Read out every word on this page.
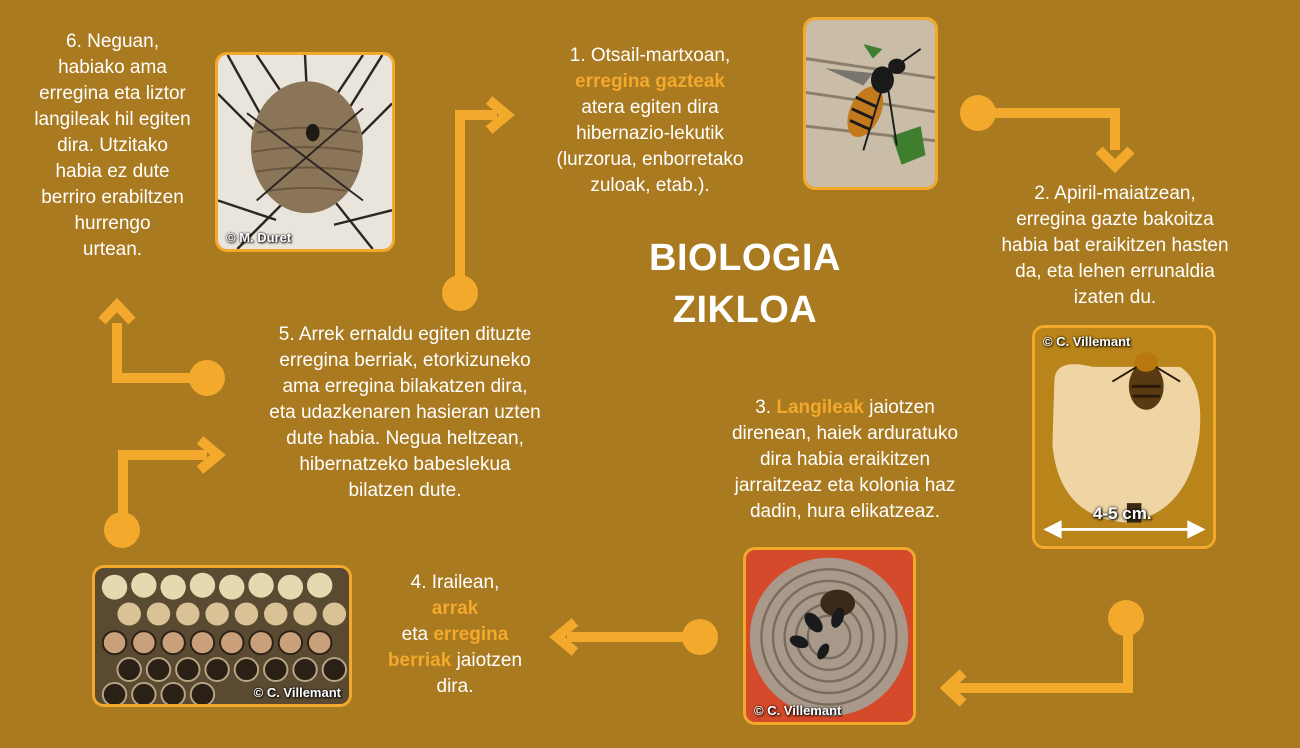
BIOLOGIA
ZIKLOA
1. Otsail-martxoan,
erregina gazteak
atera egiten dira
hibernazio-lekutik
(lurzorua, enborretako
zuloak, etab.).	2. Apiril-maiatzean,
erregina gazte bakoitza
habia bat eraikitzen hasten
da, eta lehen errunaldia
izaten du.
3. Langileak jaiotzen
direnean, haiek arduratuko
dira habia eraikitzen
jarraitzeaz eta kolonia haz
dadin, hura elikatzeaz.
4. Irailean,
arrak
eta erregina
berriak jaiotzen
dira.
5. Arrek ernaldu egiten dituzte
erregina berriak, etorkizuneko
ama erregina bilakatzen dira,
eta udazkenaren hasieran uzten
dute habia. Negua heltzean,
hibernatzeko babeslekua
bilatzen dute.
6. Neguan,
habiako ama
erregina eta liztor
langileak hil egiten
dira. Utzitako
habia ez dute
berriro erabiltzen
hurrengo
urtean.
© M. Duret
© C. Villemant
4-5 cm.
© C. Villemant
© C. Villemant
